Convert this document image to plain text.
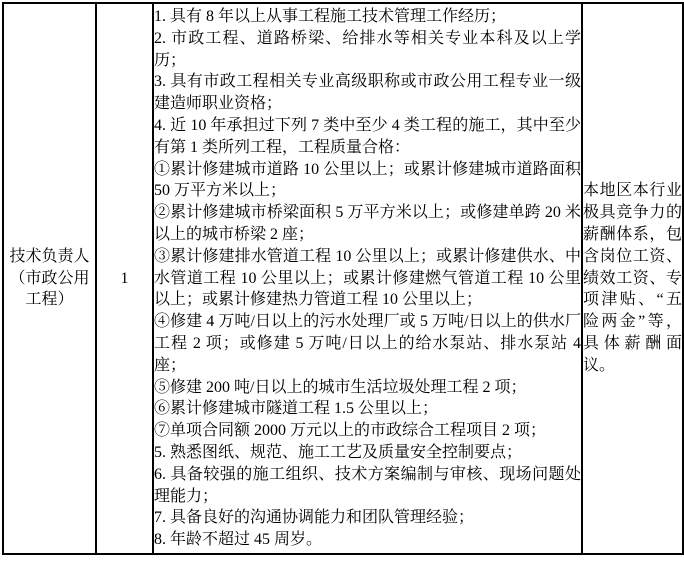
技术负责人（市政公用工程）

1

1. 具有 8 年以上从事工程施工技术管理工作经历；
2. 市政工程、道路桥梁、给排水等相关专业本科及以上学历；
3. 具有市政工程相关专业高级职称或市政公用工程专业一级建造师职业资格；
4. 近 10 年承担过下列 7 类中至少 4 类工程的施工，其中至少有第 1 类所列工程，工程质量合格：
①累计修建城市道路 10 公里以上；或累计修建城市道路面积 50 万平方米以上；
②累计修建城市桥梁面积 5 万平方米以上；或修建单跨 20 米以上的城市桥梁 2 座；
③累计修建排水管道工程 10 公里以上；或累计修建供水、中水管道工程 10 公里以上；或累计修建燃气管道工程 10 公里以上；或累计修建热力管道工程 10 公里以上；
④修建 4 万吨/日以上的污水处理厂或 5 万吨/日以上的供水厂工程 2 项；或修建 5 万吨/日以上的给水泵站、排水泵站 4 座；
⑤修建 200 吨/日以上的城市生活垃圾处理工程 2 项；
⑥累计修建城市隧道工程 1.5 公里以上；
⑦单项合同额 2000 万元以上的市政综合工程项目 2 项；
5. 熟悉图纸、规范、施工工艺及质量安全控制要点；
6. 具备较强的施工组织、技术方案编制与审核、现场问题处理能力；
7. 具备良好的沟通协调能力和团队管理经验；
8. 年龄不超过 45 周岁。

本地区本行业极具竞争力的薪酬体系，包含岗位工资、绩效工资、专项津贴、“五险两金”等，具体薪酬面议。
